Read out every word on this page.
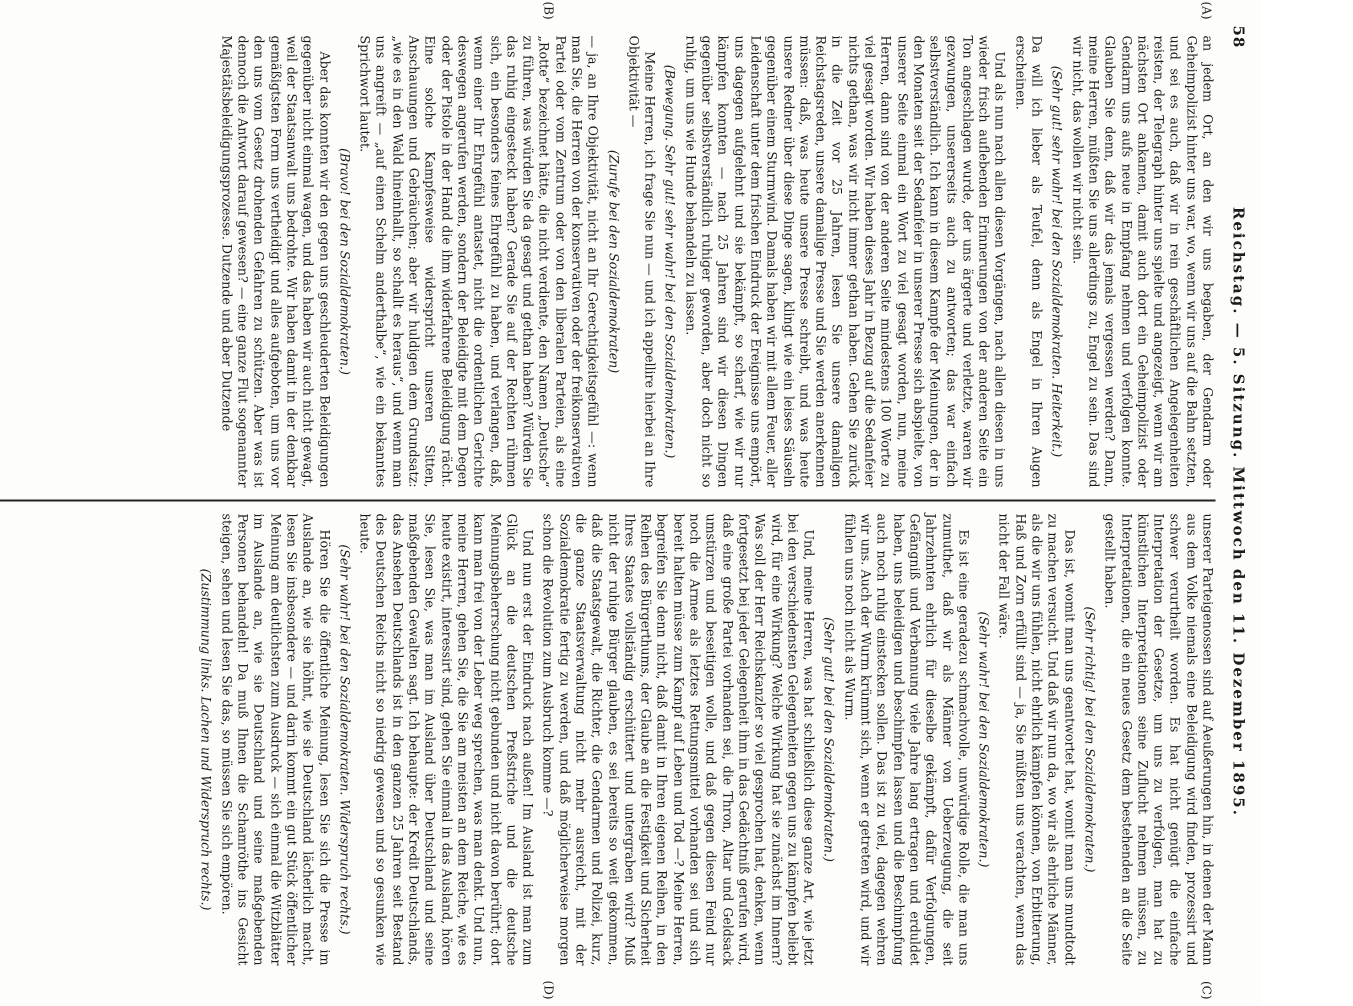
58
Reichstag. — 5. Sitzung. Mittwoch den 11. Dezember 1895.
(A)
(B)
(C)
(D)

an jedem Ort, an den wir uns begaben, der Gendarm oder Geheimpolizist hinter uns war, wo, wenn wir uns auf die Bahn setzten, und sei es auch, daß wir in rein geschäftlichen Angelegenheiten reisten, der Telegraph hinter uns spielte und angezeigt, wenn wir am nächsten Ort ankamen, damit auch dort ein Geheimpolizist oder Gendarm uns aufs neue in Empfang nehmen und verfolgen konnte. Glauben Sie denn, daß wir das jemals vergessen werden? Dann, meine Herren, müßten Sie uns allerdings zu, Engel zu sein. Das sind wir nicht, das wollen wir nicht sein.

(Sehr gut! sehr wahr! bei den Sozialdemokraten. Heiterkeit.)

Da will ich lieber als Teufel, denn als Engel in Ihren Augen erscheinen.

Und als nun nach allen diesen Vorgängen, nach allen diesen in uns wieder frisch auflebenden Erinnerungen von der anderen Seite ein Ton angeschlagen wurde, der uns ärgerte und verletzte, waren wir gezwungen, unsererseits auch zu antworten; das war einfach selbstverständlich. Ich kann in diesem Kampfe der Meinungen, der in den Monaten seit der Sedanfeier in unserer Presse sich abspielte, von unserer Seite einmal ein Wort zu viel gesagt worden, nun, meine Herren, dann sind von der anderen Seite mindestens 100 Worte zu viel gesagt worden. Wir haben dieses Jahr in Bezug auf die Sedanfeier nichts gethan, was wir nicht immer gethan haben. Gehen Sie zurück in die Zeit vor 25 Jahren, lesen Sie unsere damaligen Reichstagsreden, unsere damalige Presse und Sie werden anerkennen müssen: daß, was heute unsere Presse schreibt, und was heute unsere Redner über diese Dinge sagen, klingt wie ein leises Säuseln gegenüber einem Sturmwind. Damals haben wir mit allem Feuer, aller Leidenschaft unter dem frischen Eindruck der Ereignisse uns empört, uns dagegen aufgelehnt und sie bekämpft, so scharf, wie wir nur kämpfen konnten — nach 25 Jahren sind wir diesen Dingen gegenüber selbstverständlich ruhiger geworden, aber doch nicht so ruhig, um uns wie Hunde behandeln zu lassen.

(Bewegung. Sehr gut! sehr wahr! bei den Sozialdemokraten.)

Meine Herren, ich frage Sie nun — und ich appellire hierbei an Ihre Objektivität —

(Zurufe bei den Sozialdemokraten)

— ja, an Ihre Objektivität, nicht an Ihr Gerechtigkeitsgefühl —: wenn man Sie, die Herren von der konservativen oder der freikonservativen Partei oder vom Zentrum oder von den liberalen Parteien, als eine „Rotte“ bezeichnet hätte, die nicht verdiente, den Namen „Deutsche“ zu führen, was würden Sie da gesagt und gethan haben? Würden Sie das ruhig eingesteckt haben? Gerade Sie auf der Rechten rühmen sich, ein besonders feines Ehrgefühl zu haben, und verlangen, daß, wenn einer Ihr Ehrgefühl antastet, nicht die ordentlichen Gerichte deswegen angerufen werden, sondern der Beleidigte mit dem Degen oder der Pistole in der Hand die ihm widerfahrene Beleidigung rächt. Eine solche Kampfesweise widerspricht unseren Sitten, Anschauungen und Gebräuchen; aber wir huldigen dem Grundsatz: „wie es in den Wald hineinhallt, so schallt es heraus“, und wenn man uns angreift — „auf einen Schelm anderthalbe“, wie ein bekanntes Sprichwort lautet.

(Bravo! bei den Sozialdemokraten.)

Aber das konnten wir den gegen uns geschleuderten Beleidigungen gegenüber nicht einmal wagen, und das haben wir auch nicht gewagt, weil der Staatsanwalt uns bedrohte. Wir haben damit in der denkbar gemäßigtsten Form uns vertheidigt und alles aufgeboten, um uns vor den uns vom Gesetz drohenden Gefahren zu schützen. Aber was ist dennoch die Antwort darauf gewesen? — eine ganze Flut sogenannter Majestätsbeleidigungsprozesse. Dutzende und aber Dutzende

unserer Parteigenossen sind auf Aeußerungen hin, in denen der Mann aus dem Volke niemals eine Beleidigung wird finden, prozessirt und schwer verurtheilt worden. Es hat nicht genügt die einfache Interpretation der Gesetze, um uns zu verfolgen, man hat zu künstlichen Interpretationen seine Zuflucht nehmen müssen, zu Interpretationen, die ein neues Gesetz dem bestehenden an die Seite gestellt haben.

(Sehr richtig! bei den Sozialdemokraten.)

Das ist, womit man uns geantwortet hat, womit man uns mundtodt zu machen versucht. Und daß wir nun da, wo wir als ehrliche Männer, als die wir uns fühlen, nicht ehrlich kämpfen können, von Erbitterung, Haß und Zorn erfüllt sind — ja, Sie müßten uns verachten, wenn das nicht der Fall wäre.

(Sehr wahr! bei den Sozialdemokraten.)

Es ist eine geradezu schmachvolle, unwürdige Rolle, die man uns zumuthet, daß wir als Männer von Ueberzeugung, die seit Jahrzehnten ehrlich für dieselbe gekämpft, dafür Verfolgungen, Gefängniß und Verbannung viele Jahre lang ertragen und erduldet haben, uns beleidigen und beschimpfen lassen und die Beschimpfung auch noch ruhig einstecken sollen. Das ist zu viel, dagegen wehren wir uns. Auch der Wurm krümmt sich, wenn er getreten wird, und wir fühlen uns noch nicht als Wurm.

(Sehr gut! bei den Sozialdemokraten.)

Und, meine Herren, was hat schließlich diese ganze Art, wie jetzt bei den verschiedensten Gelegenheiten gegen uns zu kämpfen beliebt wird, für eine Wirkung? Welche Wirkung hat sie zunächst im Innern? Was soll der Herr Reichskanzler so viel gesprochen hat, denken, wenn fortgesetzt bei jeder Gelegenheit ihm in das Gedächtniß gerufen wird, daß eine große Partei vorhanden sei, die Thron, Altar und Geldsack umstürzen und beseitigen wolle, und daß gegen diesen Feind nur noch die Armee als letztes Rettungsmittel vorhanden sei und sich bereit halten müsse zum Kampf auf Leben und Tod —? Meine Herren, begreifen Sie denn nicht, daß damit in Ihren eigenen Reihen, in den Reihen des Bürgerthums, der Glaube an die Festigkeit und Sicherheit Ihres Staates vollständig erschüttert und untergraben wird? Muß nicht der ruhige Bürger glauben, es sei bereits so weit gekommen, daß die Staatsgewalt, die Richter, die Gendarmen und Polizei, kurz, die ganze Staatsverwaltung nicht mehr ausreicht, mit der Sozialdemokratie fertig zu werden, und daß möglicherweise morgen schon die Revolution zum Ausbruch komme —?

Und nun erst der Eindruck nach außen! Im Ausland ist man zum Glück an die deutschen Preßstriche und die deutsche Meinungsbeherrschung nicht gebunden und nicht davon berührt; dort kann man frei von der Leber weg sprechen, was man denkt. Und nun, meine Herren, gehen Sie, die Sie am meisten an dem Reiche, wie es heute existirt, interessirt sind, gehen Sie einmal in das Ausland, hören Sie, lesen Sie, was man im Ausland über Deutschland und seine maßgebenden Gewalten sagt. Ich behaupte: der Kredit Deutschlands, das Ansehen Deutschlands ist in den ganzen 25 Jahren seit Bestand des Deutschen Reichs nicht so niedrig gewesen und so gesunken wie heute.

(Sehr wahr! bei den Sozialdemokraten. Widerspruch rechts.)

Hören Sie die öffentliche Meinung, lesen Sie sich die Presse im Auslande an, wie sie höhnt, wie sie Deutschland lächerlich macht, lesen Sie insbesondere — und darin kommt ein gut Stück öffentlicher Meinung am deutlichsten zum Ausdruck — sich einmal die Witzblätter im Auslande an, wie sie Deutschland und seine maßgebenden Personen behandeln! Da muß Ihnen die Schamröthe ins Gesicht steigen, sehen und lesen Sie das, so müssen Sie sich empören.

(Zustimmung links. Lachen und Widerspruch rechts.)
